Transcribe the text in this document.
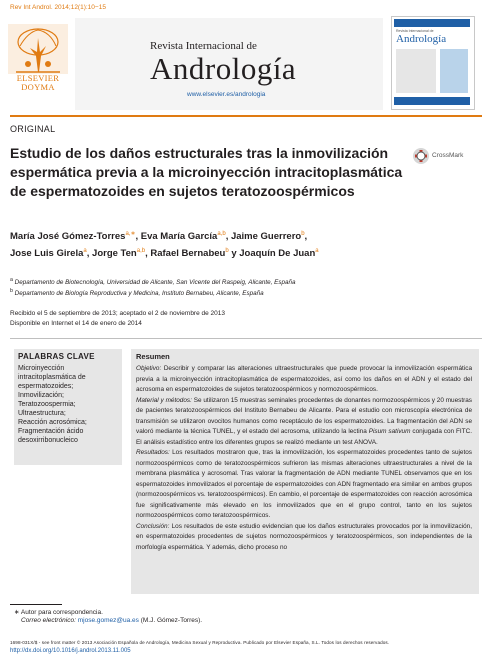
Rev Int Androl. 2014;12(1):10−15
ELSEVIER
DOYMA
Revista Internacional de
Andrología
www.elsevier.es/andrologia
Revista Internacional de
Andrología
ORIGINAL
Estudio de los daños estructurales tras la inmovilización espermática previa a la microinyección intracitoplasmática de espermatozoides en sujetos teratozoospérmicos
CrossMark
María José Gómez-Torres$^{a,∗}$, Eva María García$^{a,b}$, Jaime Guerrero$^b$,
Jose Luis Girela$^a$, Jorge Ten$^{a,b}$, Rafael Bernabeu$^b$ y Joaquín De Juan$^a$
$^a$ Departamento de Biotecnología, Universidad de Alicante, San Vicente del Raspeig, Alicante, España
$^b$ Departamento de Biología Reproductiva y Medicina, Instituto Bernabeu, Alicante, España
Recibido el 5 de septiembre de 2013; aceptado el 2 de noviembre de 2013
Disponible en Internet el 14 de enero de 2014
PALABRAS CLAVE
Microinyección intracitoplasmática de espermatozoides;
Inmovilización;
Teratozoospermia;
Ultraestructura;
Reacción acrosómica;
Fragmentación ácido desoxirribonucleico
Resumen

Objetivo: Describir y comparar las alteraciones ultraestructurales que puede provocar la inmovilización espermática previa a la microinyección intracitoplasmática de espermatozoides, así como los daños en el ADN y el estado del acrosoma en espermatozoides de sujetos teratozoospérmicos y normozoospérmicos.

Material y métodos: Se utilizaron 15 muestras seminales procedentes de donantes normozoospérmicos y 20 muestras de pacientes teratozoospérmicos del Instituto Bernabeu de Alicante. Para el estudio con microscopía electrónica de transmisión se utilizaron ovocitos humanos como receptáculo de los espermatozoides. La fragmentación del ADN se valoró mediante la técnica TUNEL, y el estado del acrosoma, utilizando la lectina Pisum sativum conjugada con FITC. El análisis estadístico entre los diferentes grupos se realizó mediante un test ANOVA.

Resultados: Los resultados mostraron que, tras la inmovilización, los espermatozoides procedentes tanto de sujetos normozoospérmicos como de teratozoospérmicos sufrieron las mismas alteraciones ultraestructurales a nivel de la membrana plasmática y acrosomal. Tras valorar la fragmentación de ADN mediante TUNEL observamos que en los espermatozoides inmovilizados el porcentaje de espermatozoides con ADN fragmentado era similar en ambos grupos (normozoospérmicos vs. teratozoospérmicos). En cambio, el porcentaje de espermatozoides con reacción acrosómica fue significativamente más elevado en los inmovilizados que en el grupo control, tanto en los sujetos normozoospérmicos como teratozoospérmicos.

Conclusión: Los resultados de este estudio evidencian que los daños estructurales provocados por la inmovilización, en espermatozoides procedentes de sujetos normozoospérmicos y teratozoospérmicos, son independientes de la morfología espermática. Y además, dicho proceso no

∗ Autor para correspondencia.
Correo electrónico: mjose.gomez@ua.es (M.J. Gómez-Torres).
1698-031X/$ - see front matter © 2013 Asociación Española de Andrología, Medicina Sexual y Reproductiva. Publicado por Elsevier España, S.L. Todos los derechos reservados.
http://dx.doi.org/10.1016/j.androl.2013.11.005
